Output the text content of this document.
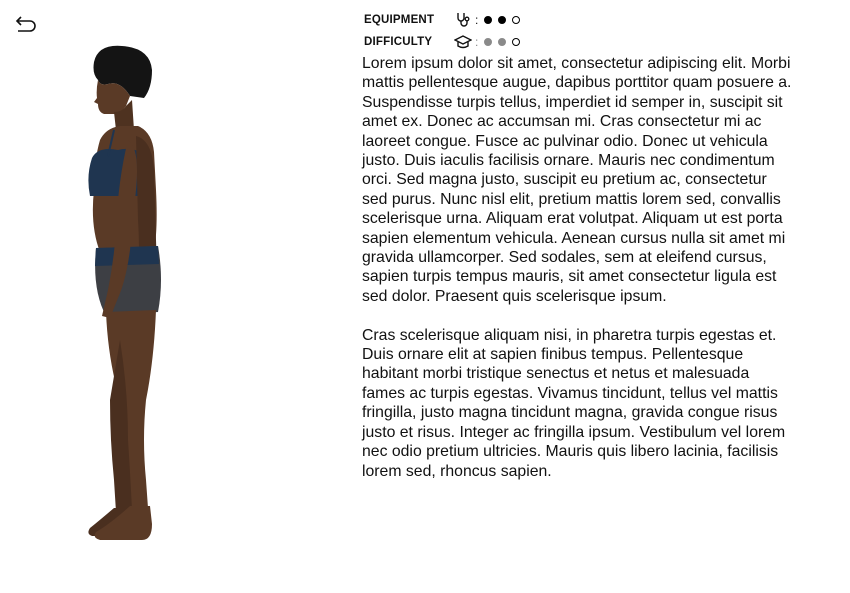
EQUIPMENT	:
DIFFICULTY	:

Lorem ipsum dolor sit amet, consectetur adipiscing elit. Morbi mattis pellentesque augue, dapibus porttitor quam posuere a. Suspendisse turpis tellus, imperdiet id semper in, suscipit sit amet ex. Donec ac accumsan mi. Cras consectetur mi ac laoreet congue. Fusce ac pulvinar odio. Donec ut vehicula justo. Duis iaculis facilisis ornare. Mauris nec condimentum orci. Sed magna justo, suscipit eu pretium ac, consectetur sed purus. Nunc nisl elit, pretium mattis lorem sed, convallis scelerisque urna. Aliquam erat volutpat. Aliquam ut est porta sapien elementum vehicula. Aenean cursus nulla sit amet mi gravida ullamcorper. Sed sodales, sem at eleifend cursus, sapien turpis tempus mauris, sit amet consectetur ligula est sed dolor. Praesent quis scelerisque ipsum.

Cras scelerisque aliquam nisi, in pharetra turpis egestas et. Duis ornare elit at sapien finibus tempus. Pellentesque habitant morbi tristique senectus et netus et malesuada fames ac turpis egestas. Vivamus tincidunt, tellus vel mattis fringilla, justo magna tincidunt magna, gravida congue risus justo et risus. Integer ac fringilla ipsum. Vestibulum vel lorem nec odio pretium ultricies. Mauris quis libero lacinia, facilisis lorem sed, rhoncus sapien.
